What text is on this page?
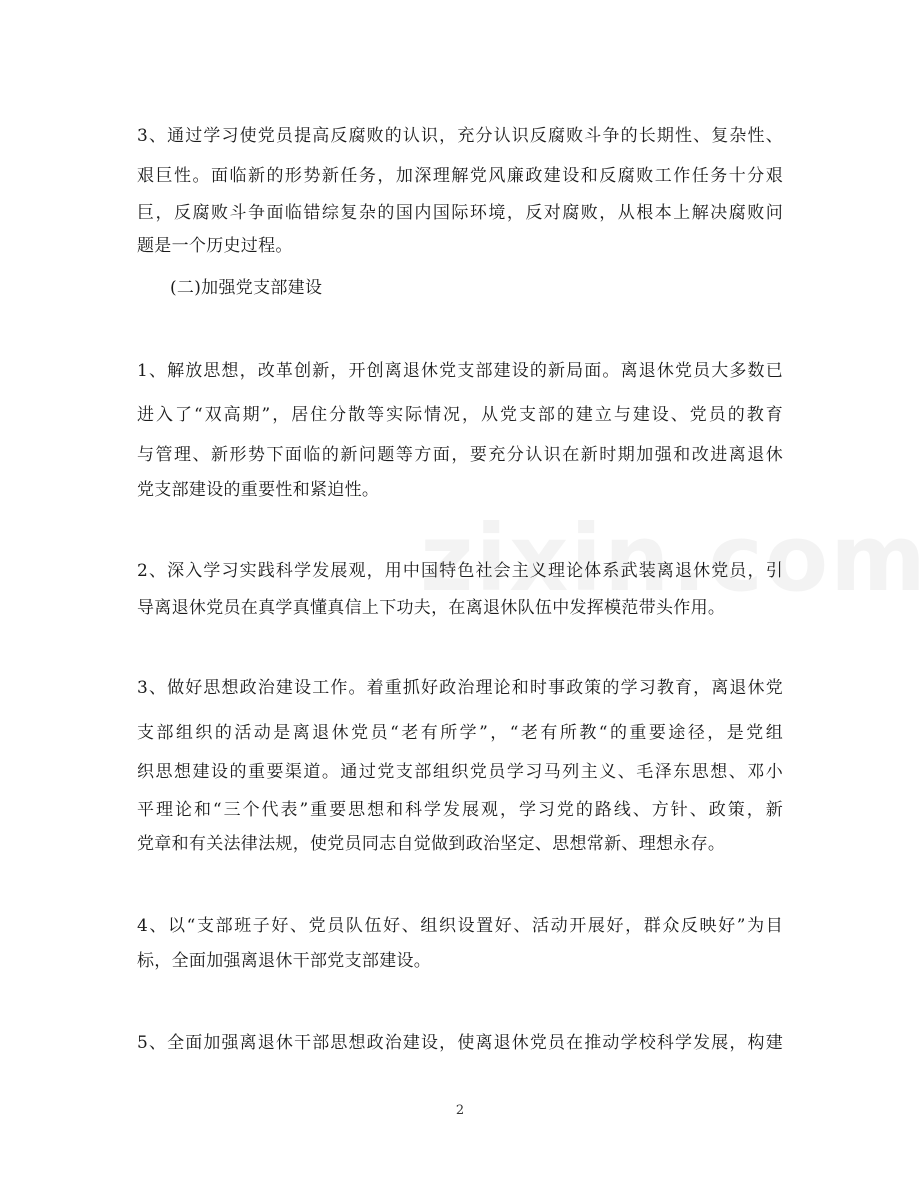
3、通过学习使党员提高反腐败的认识，充分认识反腐败斗争的长期性、复杂性、
艰巨性。面临新的形势新任务，加深理解党风廉政建设和反腐败工作任务十分艰
巨，反腐败斗争面临错综复杂的国内国际环境，反对腐败，从根本上解决腐败问
题是一个历史过程。
(二)加强党支部建设
1、解放思想，改革创新，开创离退休党支部建设的新局面。离退休党员大多数已
进入了“双高期”，居住分散等实际情况，从党支部的建立与建设、党员的教育
与管理、新形势下面临的新问题等方面，要充分认识在新时期加强和改进离退休
党支部建设的重要性和紧迫性。
2、深入学习实践科学发展观，用中国特色社会主义理论体系武装离退休党员，引
导离退休党员在真学真懂真信上下功夫，在离退休队伍中发挥模范带头作用。
3、做好思想政治建设工作。着重抓好政治理论和时事政策的学习教育，离退休党
支部组织的活动是离退休党员“老有所学”，“老有所教“的重要途径，是党组
织思想建设的重要渠道。通过党支部组织党员学习马列主义、毛泽东思想、邓小
平理论和“三个代表”重要思想和科学发展观，学习党的路线、方针、政策，新
党章和有关法律法规，使党员同志自觉做到政治坚定、思想常新、理想永存。
4、以“支部班子好、党员队伍好、组织设置好、活动开展好，群众反映好”为目
标，全面加强离退休干部党支部建设。
5、全面加强离退休干部思想政治建设，使离退休党员在推动学校科学发展，构建
2
